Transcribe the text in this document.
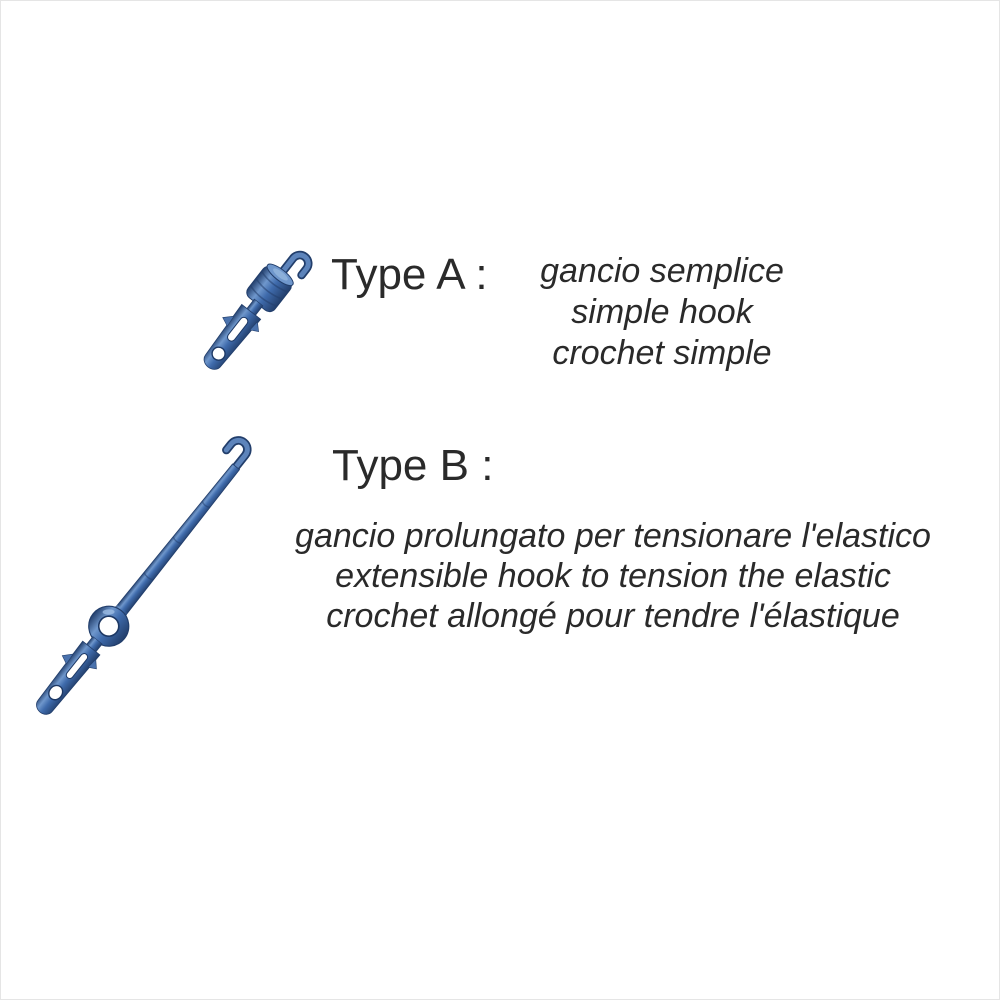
Type A :	gancio semplice
simple hook
crochet simple
Type B :
gancio prolungato per tensionare l'elastico
extensible hook to tension the elastic
crochet allongé pour tendre l'élastique
